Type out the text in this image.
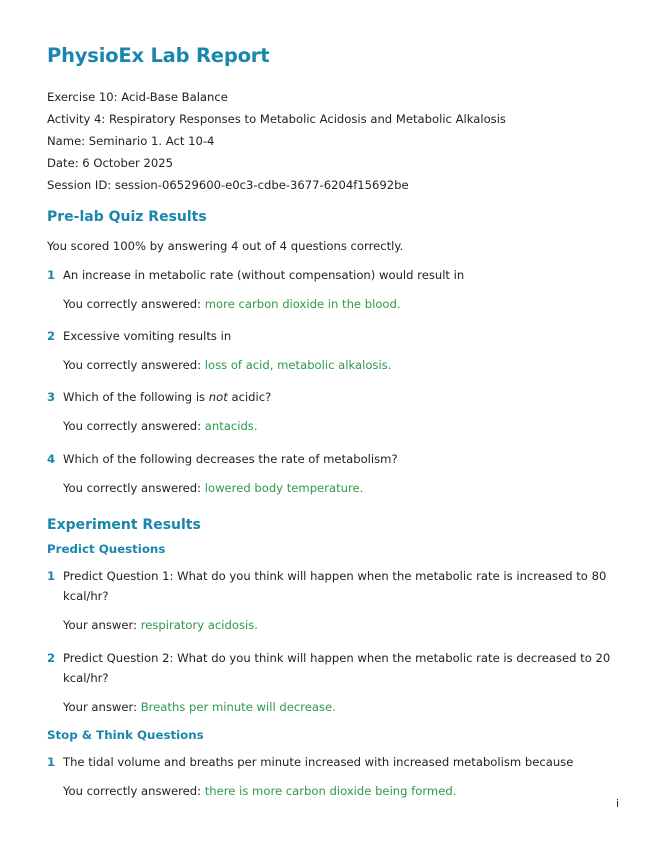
PhysioEx Lab Report
Exercise 10: Acid-Base Balance
Activity 4: Respiratory Responses to Metabolic Acidosis and Metabolic Alkalosis
Name: Seminario 1. Act 10-4
Date: 6 October 2025
Session ID: session-06529600-e0c3-cdbe-3677-6204f15692be
Pre-lab Quiz Results
You scored 100% by answering 4 out of 4 questions correctly.
1 An increase in metabolic rate (without compensation) would result in
You correctly answered: more carbon dioxide in the blood.
2 Excessive vomiting results in
You correctly answered: loss of acid, metabolic alkalosis.
3 Which of the following is not acidic?
You correctly answered: antacids.
4 Which of the following decreases the rate of metabolism?
You correctly answered: lowered body temperature.
Experiment Results
Predict Questions
1 Predict Question 1: What do you think will happen when the metabolic rate is increased to 80 kcal/hr?
Your answer: respiratory acidosis.
2 Predict Question 2: What do you think will happen when the metabolic rate is decreased to 20 kcal/hr?
Your answer: Breaths per minute will decrease.
Stop & Think Questions
1 The tidal volume and breaths per minute increased with increased metabolism because
You correctly answered: there is more carbon dioxide being formed.
i
